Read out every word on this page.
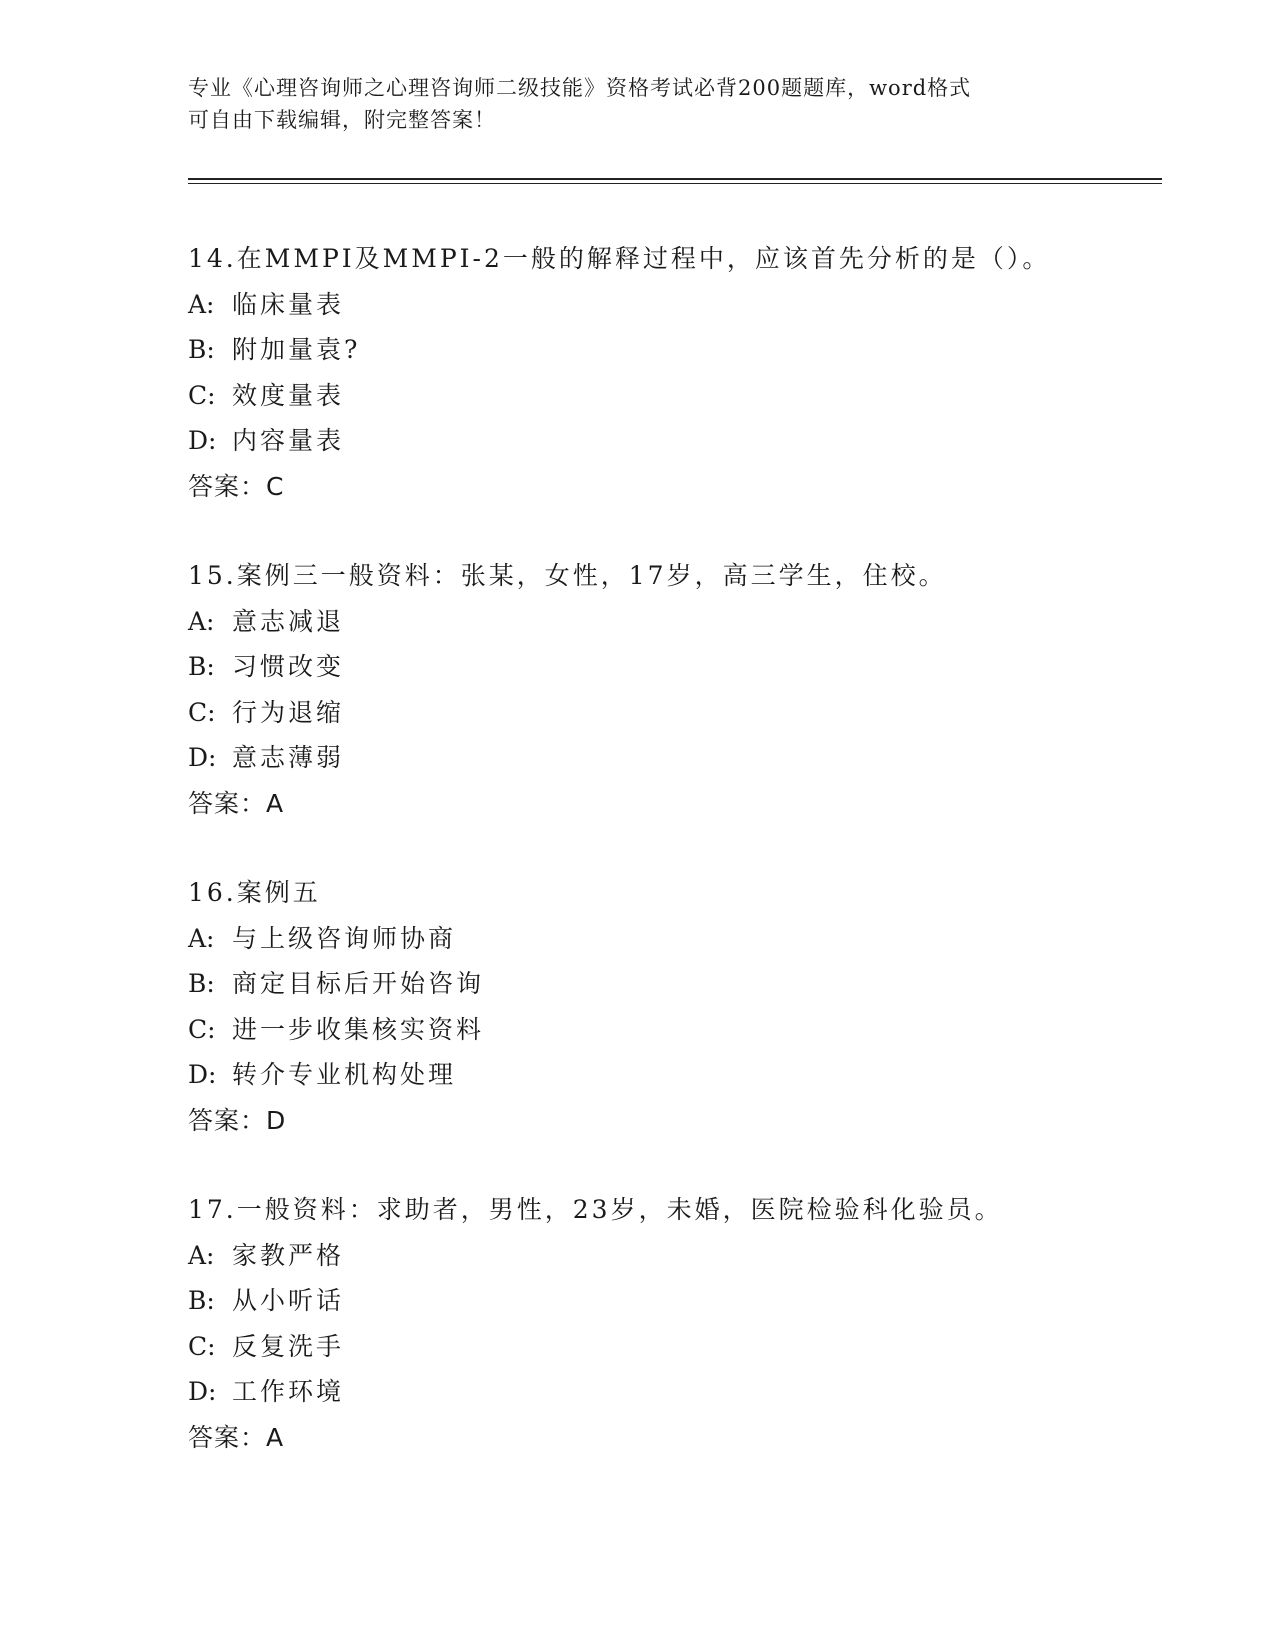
专业《心理咨询师之心理咨询师二级技能》资格考试必背200题题库，word格式
可自由下载编辑，附完整答案！
14.在MMPI及MMPI-2一般的解释过程中，应该首先分析的是（）。
A: 临床量表
B: 附加量袁?
C: 效度量表
D: 内容量表
答案：C
15.案例三一般资料：张某，女性，17岁，高三学生，住校。
A: 意志减退
B: 习惯改变
C: 行为退缩
D: 意志薄弱
答案：A
16.案例五
A: 与上级咨询师协商
B: 商定目标后开始咨询
C: 进一步收集核实资料
D: 转介专业机构处理
答案：D
17.一般资料：求助者，男性，23岁，未婚，医院检验科化验员。
A: 家教严格
B: 从小听话
C: 反复洗手
D: 工作环境
答案：A
